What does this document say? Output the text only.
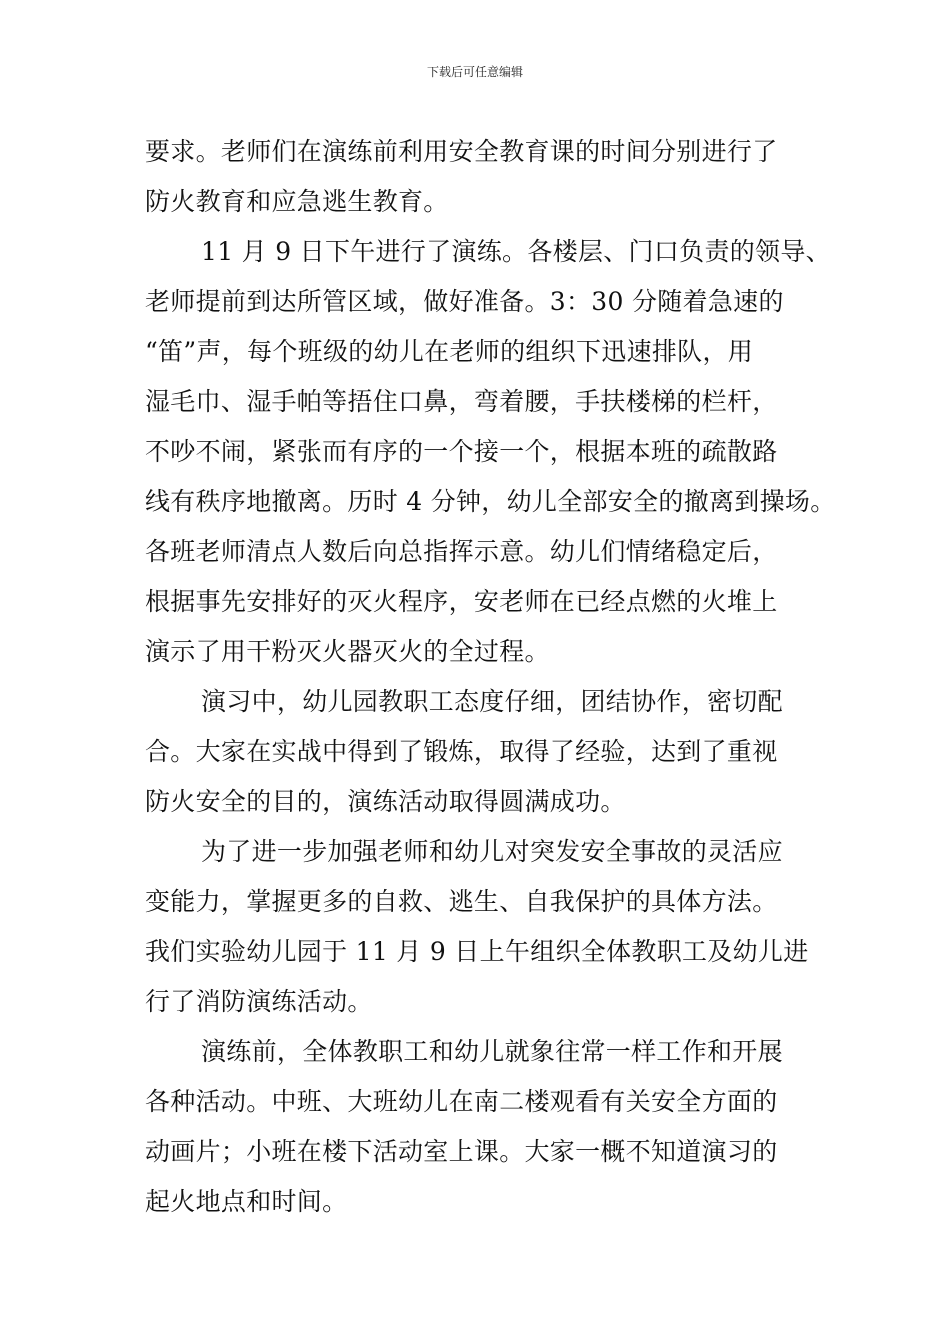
下载后可任意编辑
要求。老师们在演练前利用安全教育课的时间分别进行了
防火教育和应急逃生教育。
11 月 9 日下午进行了演练。各楼层、门口负责的领导、
老师提前到达所管区域，做好准备。3：30 分随着急速的
“笛”声，每个班级的幼儿在老师的组织下迅速排队，用
湿毛巾、湿手帕等捂住口鼻，弯着腰，手扶楼梯的栏杆，
不吵不闹，紧张而有序的一个接一个，根据本班的疏散路
线有秩序地撤离。历时 4 分钟，幼儿全部安全的撤离到操场。
各班老师清点人数后向总指挥示意。幼儿们情绪稳定后，
根据事先安排好的灭火程序，安老师在已经点燃的火堆上
演示了用干粉灭火器灭火的全过程。
演习中，幼儿园教职工态度仔细，团结协作，密切配
合。大家在实战中得到了锻炼，取得了经验，达到了重视
防火安全的目的，演练活动取得圆满成功。
为了进一步加强老师和幼儿对突发安全事故的灵活应
变能力，掌握更多的自救、逃生、自我保护的具体方法。
我们实验幼儿园于 11 月 9 日上午组织全体教职工及幼儿进
行了消防演练活动。
演练前，全体教职工和幼儿就象往常一样工作和开展
各种活动。中班、大班幼儿在南二楼观看有关安全方面的
动画片；小班在楼下活动室上课。大家一概不知道演习的
起火地点和时间。
